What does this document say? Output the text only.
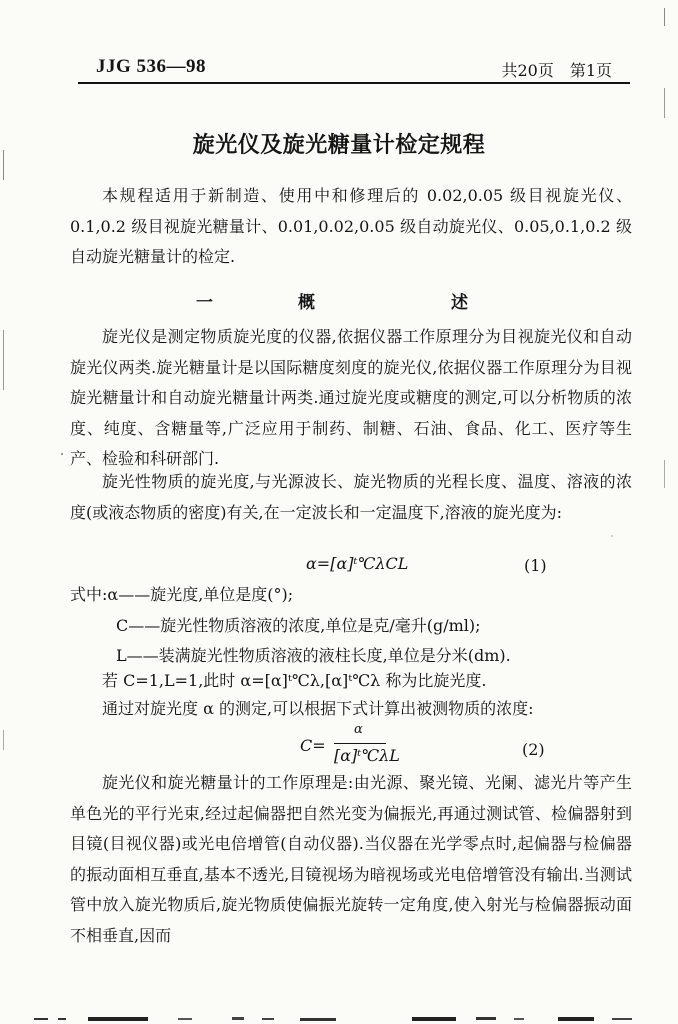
JJG 536—98	共20页　第1页
旋光仪及旋光糖量计检定规程

本规程适用于新制造、使用中和修理后的 0.02,0.05 级目视旋光仪、0.1,0.2 级目视旋光糖量计、0.01,0.02,0.05 级自动旋光仪、0.05,0.1,0.2 级自动旋光糖量计的检定.

一　概　　述

旋光仪是测定物质旋光度的仪器,依据仪器工作原理分为目视旋光仪和自动旋光仪两类.旋光糖量计是以国际糖度刻度的旋光仪,依据仪器工作原理分为目视旋光糖量计和自动旋光糖量计两类.通过旋光度或糖度的测定,可以分析物质的浓度、纯度、含糖量等,广泛应用于制药、制糖、石油、食品、化工、医疗等生产、检验和科研部门.

旋光性物质的旋光度,与光源波长、旋光物质的光程长度、温度、溶液的浓度(或液态物质的密度)有关,在一定波长和一定温度下,溶液的旋光度为:

α=[α]ᵗ℃λCL	(1)
式中:α——旋光度,单位是度(°);
C——旋光性物质溶液的浓度,单位是克/毫升(g/ml);
L——装满旋光性物质溶液的液柱长度,单位是分米(dm).
若 C=1,L=1,此时 α=[α]ᵗ℃λ,[α]ᵗ℃λ 称为比旋光度.
通过对旋光度 α 的测定,可以根据下式计算出被测物质的浓度:
C=
α
[α]ᵗ℃λL	(2)

旋光仪和旋光糖量计的工作原理是:由光源、聚光镜、光阑、滤光片等产生单色光的平行光束,经过起偏器把自然光变为偏振光,再通过测试管、检偏器射到目镜(目视仪器)或光电倍增管(自动仪器).当仪器在光学零点时,起偏器与检偏器的振动面相互垂直,基本不透光,目镜视场为暗视场或光电倍增管没有输出.当测试管中放入旋光物质后,旋光物质使偏振光旋转一定角度,使入射光与检偏器振动面不相垂直,因而
